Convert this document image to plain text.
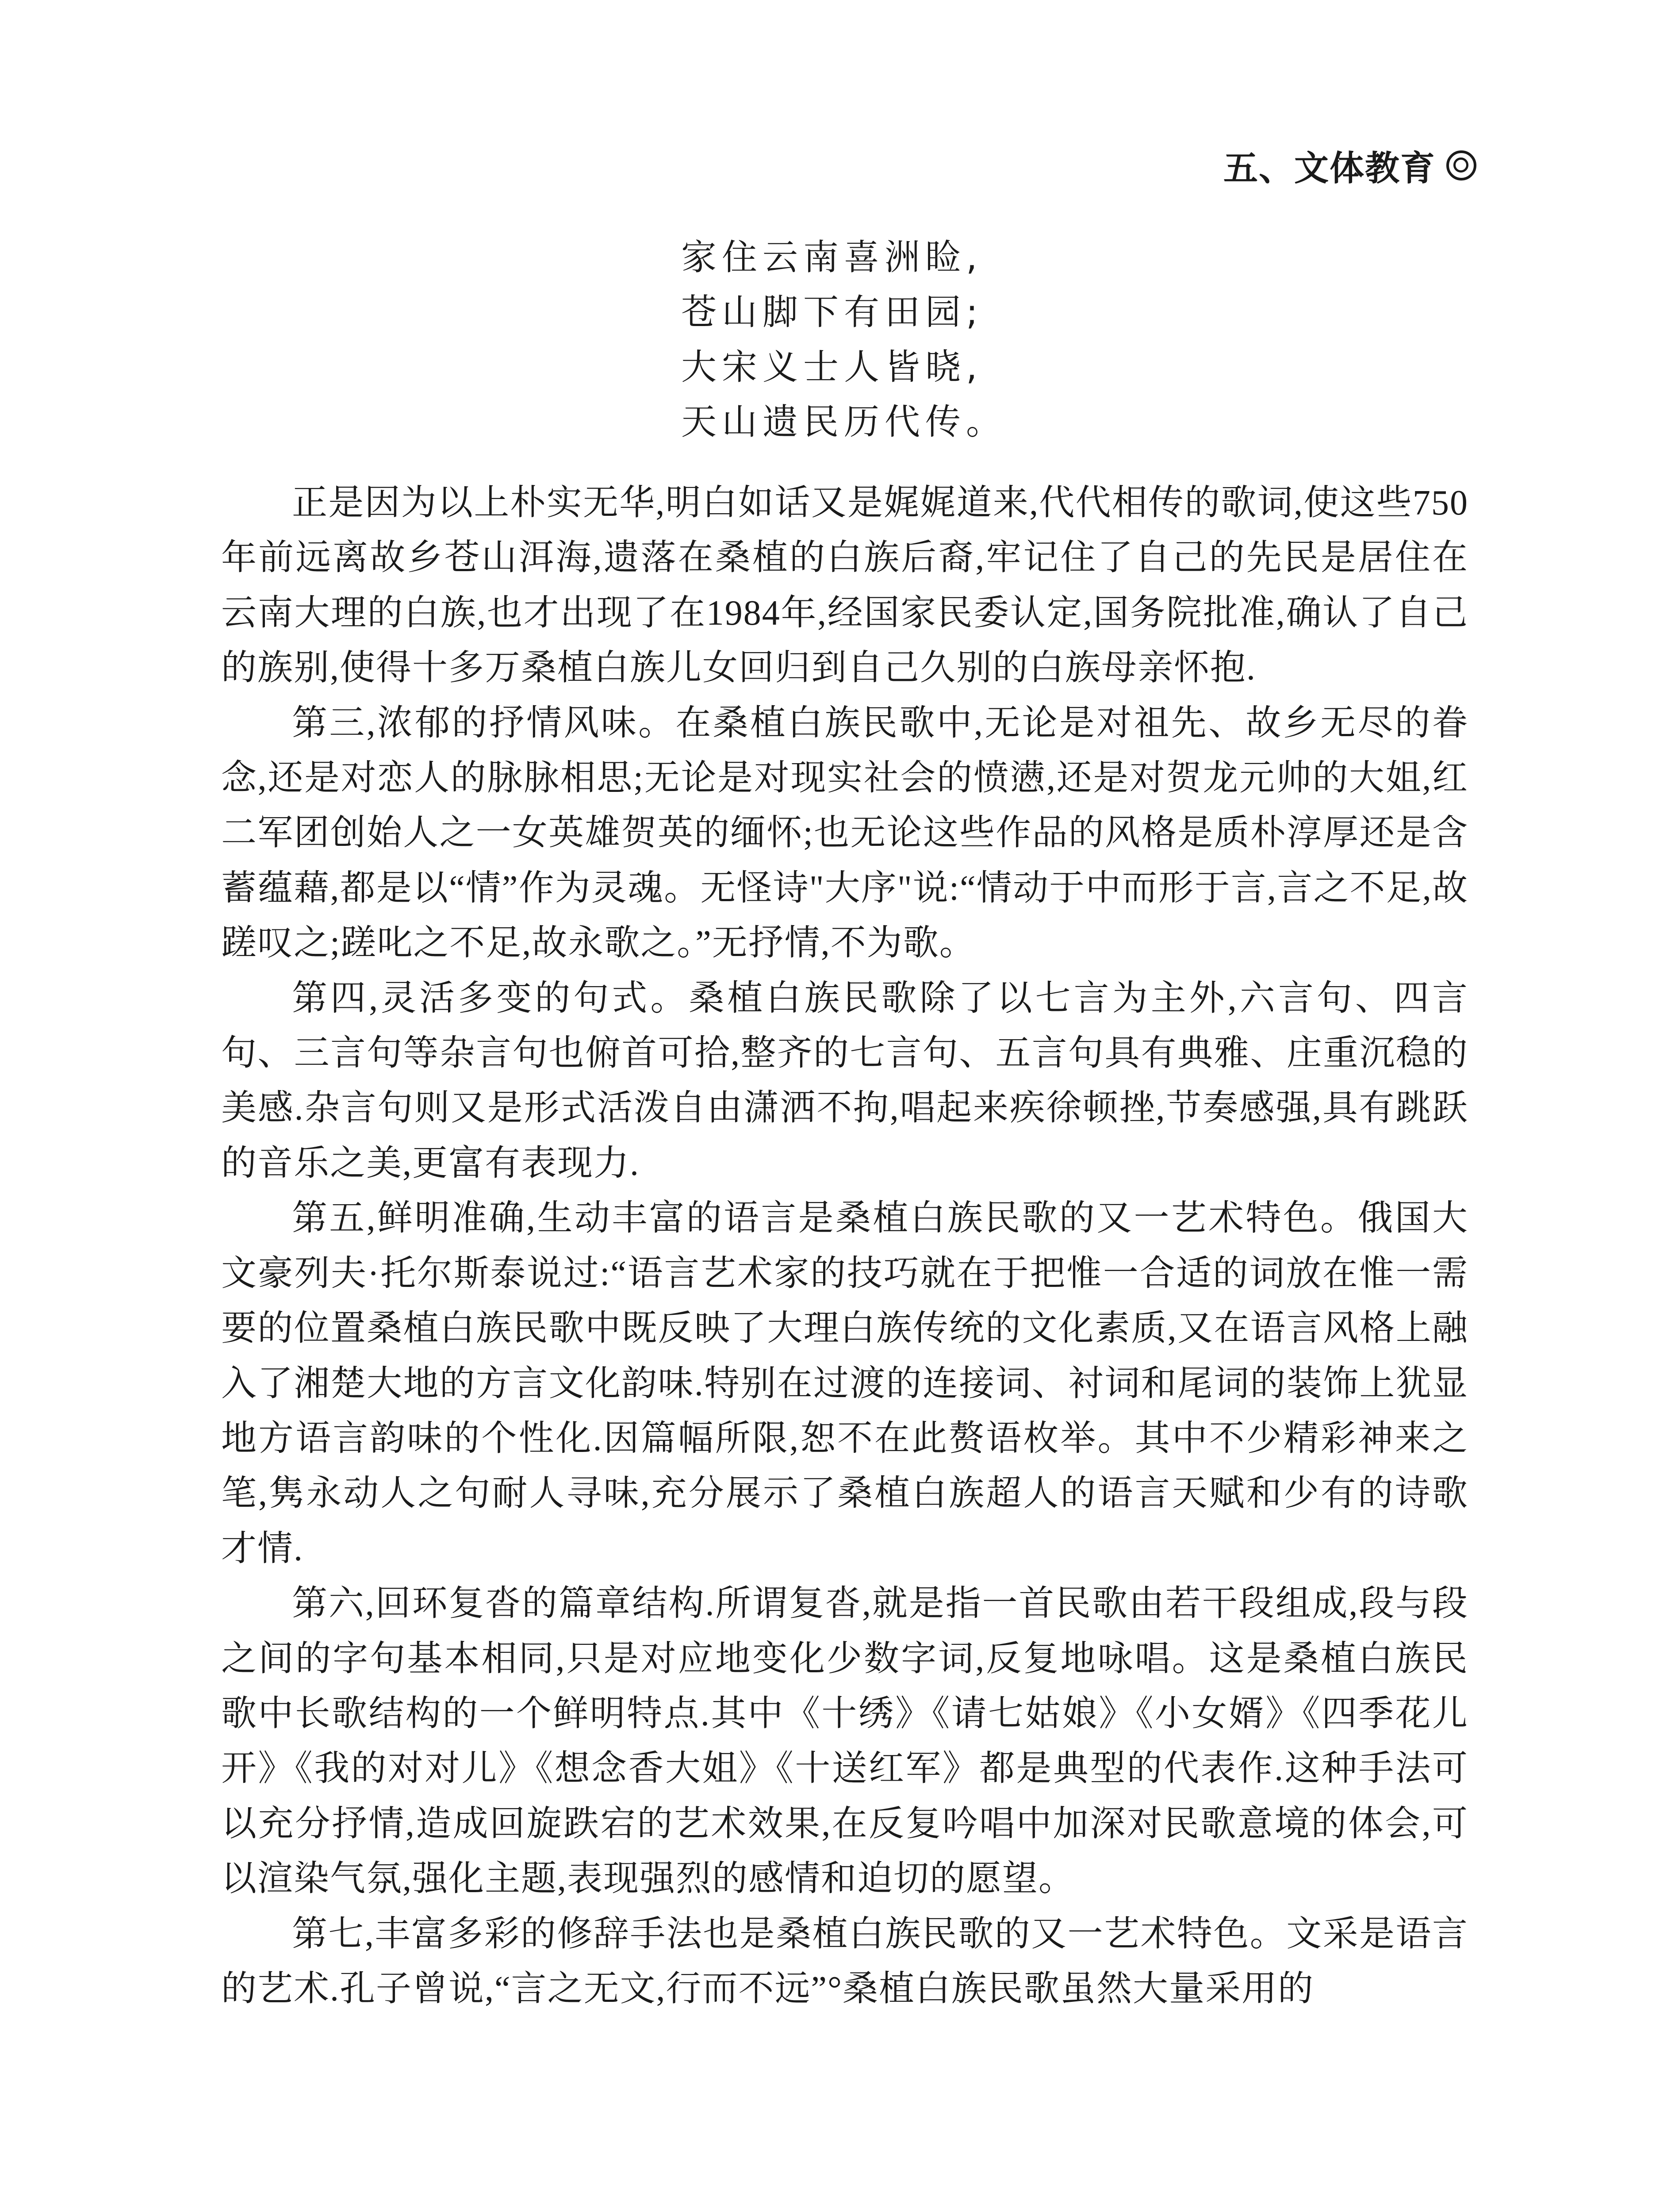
五、文体教育
家住云南喜洲睑,
苍山脚下有田园;
大宋义士人皆晓,
天山遗民历代传。

正是因为以上朴实无华,明白如话又是娓娓道来,代代相传的歌词,使这些750年前远离故乡苍山洱海,遗落在桑植的白族后裔,牢记住了自己的先民是居住在云南大理的白族,也才出现了在1984年,经国家民委认定,国务院批准,确认了自己的族别,使得十多万桑植白族儿女回归到自己久别的白族母亲怀抱.

第三,浓郁的抒情风味。在桑植白族民歌中,无论是对祖先、故乡无尽的眷念,还是对恋人的脉脉相思;无论是对现实社会的愤懑,还是对贺龙元帅的大姐,红二军团创始人之一女英雄贺英的缅怀;也无论这些作品的风格是质朴淳厚还是含蓄蕴藉,都是以“情”作为灵魂。无怪诗"大序"说:“情动于中而形于言,言之不足,故蹉叹之;蹉叱之不足,故永歌之。”无抒情,不为歌。

第四,灵活多变的句式。桑植白族民歌除了以七言为主外,六言句、四言句、三言句等杂言句也俯首可拾,整齐的七言句、五言句具有典雅、庄重沉稳的美感.杂言句则又是形式活泼自由潇洒不拘,唱起来疾徐顿挫,节奏感强,具有跳跃的音乐之美,更富有表现力.

第五,鲜明准确,生动丰富的语言是桑植白族民歌的又一艺术特色。俄国大文豪列夫·托尔斯泰说过:“语言艺术家的技巧就在于把惟一合适的词放在惟一需要的位置桑植白族民歌中既反映了大理白族传统的文化素质,又在语言风格上融入了湘楚大地的方言文化韵味.特别在过渡的连接词、衬词和尾词的装饰上犹显地方语言韵味的个性化.因篇幅所限,恕不在此赘语枚举。其中不少精彩神来之笔,隽永动人之句耐人寻味,充分展示了桑植白族超人的语言天赋和少有的诗歌才情.

第六,回环复沓的篇章结构.所谓复沓,就是指一首民歌由若干段组成,段与段之间的字句基本相同,只是对应地变化少数字词,反复地咏唱。这是桑植白族民歌中长歌结构的一个鲜明特点.其中《十绣》《请七姑娘》《小女婿》《四季花儿开》《我的对对儿》《想念香大姐》《十送红军》都是典型的代表作.这种手法可以充分抒情,造成回旋跌宕的艺术效果,在反复吟唱中加深对民歌意境的体会,可以渲染气氛,强化主题,表现强烈的感情和迫切的愿望。

第七,丰富多彩的修辞手法也是桑植白族民歌的又一艺术特色。文采是语言的艺术.孔子曾说,“言之无文,行而不远”°桑植白族民歌虽然大量采用的
